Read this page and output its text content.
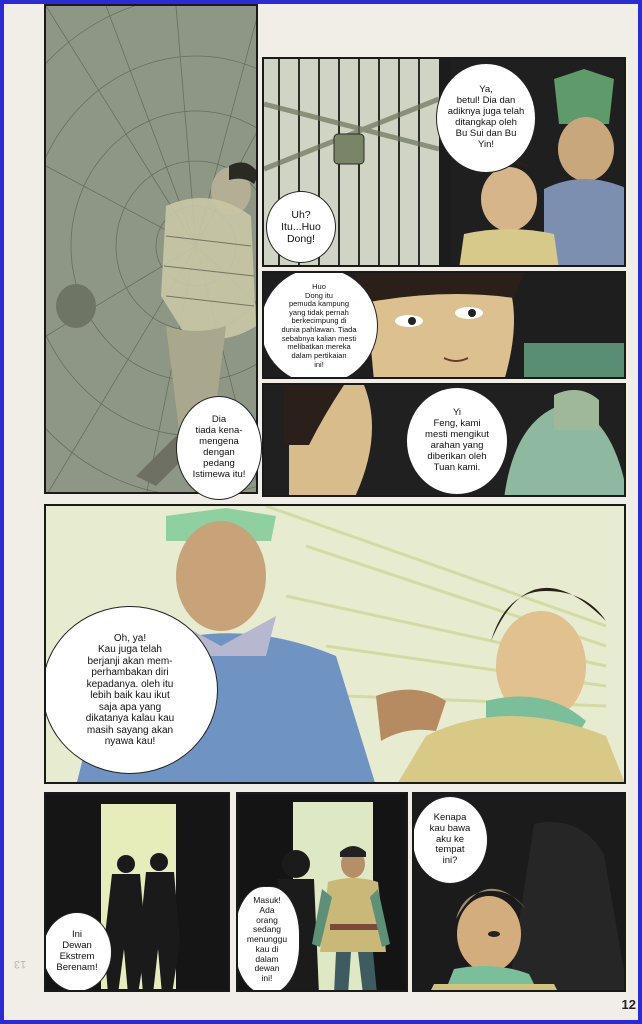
Ya,
betul! Dia dan
adiknya juga telah
ditangkap oleh
Bu Sui dan Bu
Yin!
Uh?
Itu...Huo
Dong!
Huo
Dong itu
pemuda kampung
yang tidak pernah
berkecimpung di
dunia pahlawan. Tiada
sebabnya kalian mesti
melibatkan mereka
dalam pertikaian
ini!
Dia
tiada kena-
mengena
dengan
pedang
Istimewa itu!
Yi
Feng, kami
mesti mengikut
arahan yang
diberikan oleh
Tuan kami.
Oh, ya!
Kau juga telah
berjanji akan mem-
perhambakan diri
kepadanya. oleh itu
lebih baik kau ikut
saja apa yang
dikatanya kalau kau
masih sayang akan
nyawa kau!
Ini
Dewan
Ekstrem
Berenam!
Masuk!
Ada
orang
sedang
menunggu
kau di
dalam
dewan
ini!
Kenapa
kau bawa
aku ke
tempat
ini?
13
12
